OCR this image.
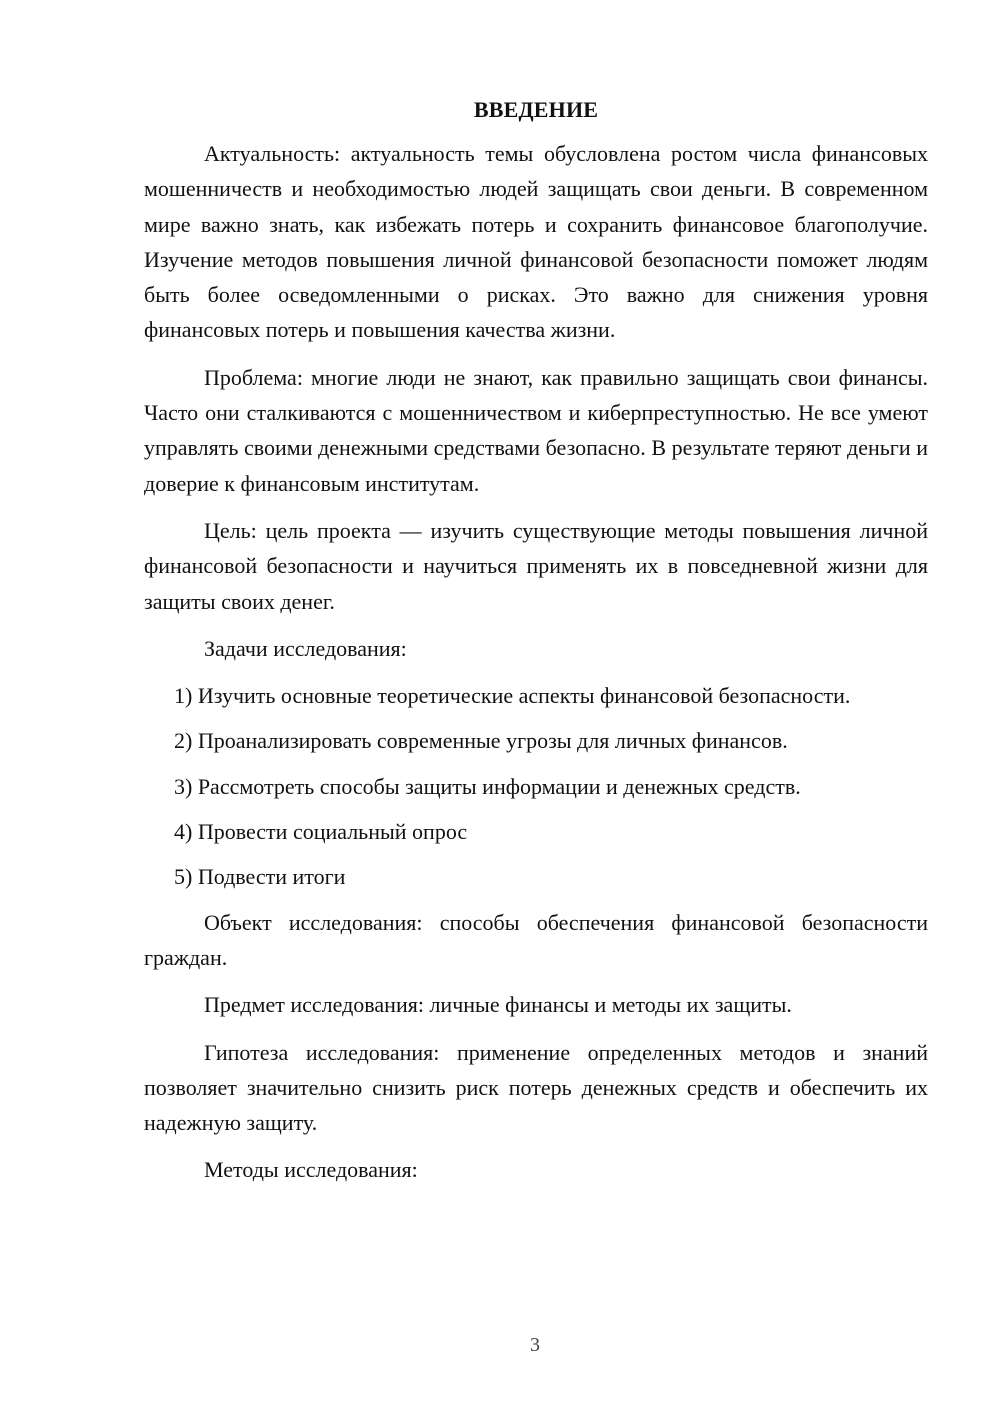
ВВЕДЕНИЕ

Актуальность: актуальность темы обусловлена ростом числа финансовых мошенничеств и необходимостью людей защищать свои деньги. В современном мире важно знать, как избежать потерь и сохранить финансовое благополучие. Изучение методов повышения личной финансовой безопасности поможет людям быть более осведомленными о рисках. Это важно для снижения уровня финансовых потерь и повышения качества жизни.

Проблема: многие люди не знают, как правильно защищать свои финансы. Часто они сталкиваются с мошенничеством и киберпреступностью. Не все умеют управлять своими денежными средствами безопасно. В результате теряют деньги и доверие к финансовым институтам.

Цель: цель проекта — изучить существующие методы повышения личной финансовой безопасности и научиться применять их в повседневной жизни для защиты своих денег.

Задачи исследования:

1) Изучить основные теоретические аспекты финансовой безопасности.

2) Проанализировать современные угрозы для личных финансов.

3) Рассмотреть способы защиты информации и денежных средств.

4) Провести социальный опрос

5) Подвести итоги

Объект исследования: способы обеспечения финансовой безопасности граждан.

Предмет исследования: личные финансы и методы их защиты.

Гипотеза исследования: применение определенных методов и знаний позволяет значительно снизить риск потерь денежных средств и обеспечить их надежную защиту.

Методы исследования:

3
